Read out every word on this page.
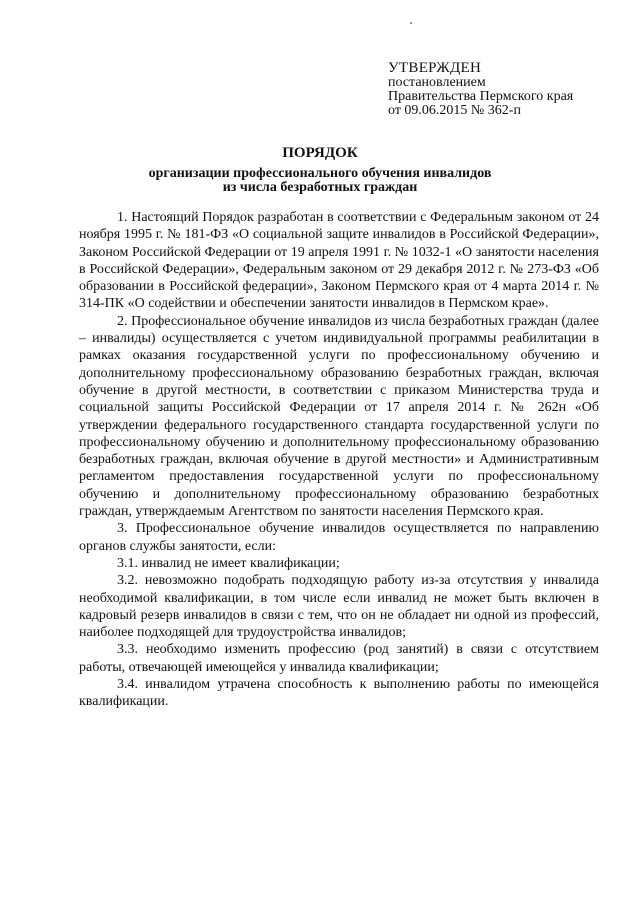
УТВЕРЖДЕН
постановлением
Правительства Пермского края
от 09.06.2015 № 362-п
ПОРЯДОК
организации профессионального обучения инвалидов
из числа безработных граждан

1. Настоящий Порядок разработан в соответствии с Федеральным законом от 24 ноября 1995 г. № 181-ФЗ «О социальной защите инвалидов в Российской Федерации», Законом Российской Федерации от 19 апреля 1991 г. № 1032-1 «О занятости населения в Российской Федерации», Федеральным законом от 29 декабря 2012 г. № 273-ФЗ «Об образовании в Российской федерации», Законом Пермского края от 4 марта 2014 г. № 314-ПК «О содействии и обеспечении занятости инвалидов в Пермском крае».

2. Профессиональное обучение инвалидов из числа безработных граждан (далее – инвалиды) осуществляется с учетом индивидуальной программы реабилитации в рамках оказания государственной услуги по профессиональному обучению и дополнительному профессиональному образованию безработных граждан, включая обучение в другой местности, в соответствии с приказом Министерства труда и социальной защиты Российской Федерации от 17 апреля 2014 г. № 262н «Об утверждении федерального государственного стандарта государственной услуги по профессиональному обучению и дополнительному профессиональному образованию безработных граждан, включая обучение в другой местности» и Административным регламентом предоставления государственной услуги по профессиональному обучению и дополнительному профессиональному образованию безработных граждан, утверждаемым Агентством по занятости населения Пермского края.

3. Профессиональное обучение инвалидов осуществляется по направлению органов службы занятости, если:

3.1. инвалид не имеет квалификации;

3.2. невозможно подобрать подходящую работу из-за отсутствия у инвалида необходимой квалификации, в том числе если инвалид не может быть включен в кадровый резерв инвалидов в связи с тем, что он не обладает ни одной из профессий, наиболее подходящей для трудоустройства инвалидов;

3.3. необходимо изменить профессию (род занятий) в связи с отсутствием работы, отвечающей имеющейся у инвалида квалификации;

3.4. инвалидом утрачена способность к выполнению работы по имеющейся квалификации.
